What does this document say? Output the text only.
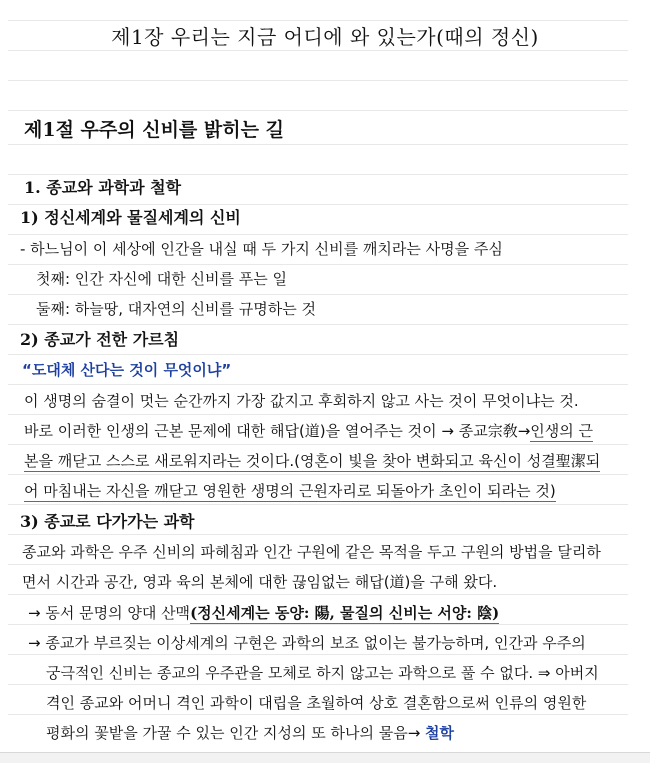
제1장 우리는 지금 어디에 와 있는가(때의 정신)
제1절 우주의 신비를 밝히는 길
1. 종교와 과학과 철학
1) 정신세계와 물질세계의 신비
- 하느님이 이 세상에 인간을 내실 때 두 가지 신비를 깨치라는 사명을 주심
첫째: 인간 자신에 대한 신비를 푸는 일
둘째: 하늘땅, 대자연의 신비를 규명하는 것
2) 종교가 전한 가르침
“도대체 산다는 것이 무엇이냐”
이 생명의 숨결이 멋는 순간까지 가장 값지고 후회하지 않고 사는 것이 무엇이냐는 것.
바로 이러한 인생의 근본 문제에 대한 해답(道)을 열어주는 것이 → 종교宗敎→인생의 근
본을 깨닫고 스스로 새로워지라는 것이다.(영혼이 빛을 찾아 변화되고 육신이 성결聖潔되
어 마침내는 자신을 깨닫고 영원한 생명의 근원자리로 되돌아가 초인이 되라는 것)
3) 종교로 다가가는 과학
종교와 과학은 우주 신비의 파헤침과 인간 구원에 같은 목적을 두고 구원의 방법을 달리하
면서 시간과 공간, 영과 육의 본체에 대한 끊임없는 해답(道)을 구해 왔다.
→ 동서 문명의 양대 산맥(정신세계는 동양: 陽, 물질의 신비는 서양: 陰)
→ 종교가 부르짖는 이상세계의 구현은 과학의 보조 없이는 불가능하며, 인간과 우주의
궁극적인 신비는 종교의 우주관을 모체로 하지 않고는 과학으로 풀 수 없다. ⇒ 아버지
격인 종교와 어머니 격인 과학이 대립을 초월하여 상호 결혼함으로써 인류의 영원한
평화의 꽃밭을 가꿀 수 있는 인간 지성의 또 하나의 물음→ 철학
